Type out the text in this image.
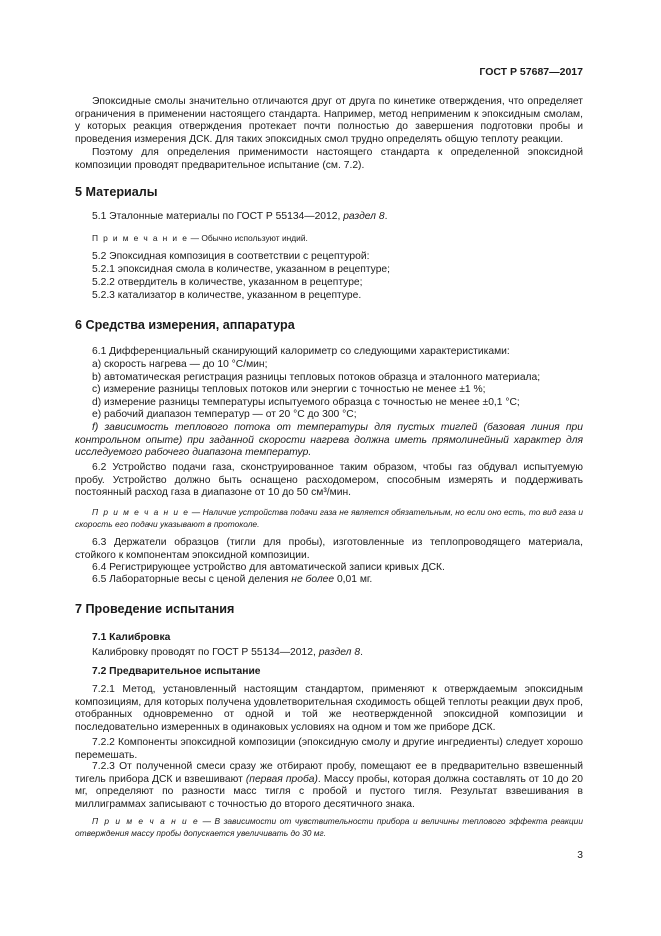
ГОСТ Р 57687—2017

Эпоксидные смолы значительно отличаются друг от друга по кинетике отверждения, что определяет ограничения в применении настоящего стандарта. Например, метод неприменим к эпоксидным смолам, у которых реакция отверждения протекает почти полностью до завершения подготовки пробы и проведения измерения ДСК. Для таких эпоксидных смол трудно определять общую теплоту реакции.

Поэтому для определения применимости настоящего стандарта к определенной эпоксидной композиции проводят предварительное испытание (см. 7.2).

5 Материалы

5.1 Эталонные материалы по ГОСТ Р 55134—2012, раздел 8.

П р и м е ч а н и е — Обычно используют индий.

5.2 Эпоксидная композиция в соответствии с рецептурой:

5.2.1 эпоксидная смола в количестве, указанном в рецептуре;

5.2.2 отвердитель в количестве, указанном в рецептуре;

5.2.3 катализатор в количестве, указанном в рецептуре.

6 Средства измерения, аппаратура

6.1 Дифференциальный сканирующий калориметр со следующими характеристиками:

a) скорость нагрева — до 10 °С/мин;

b) автоматическая регистрация разницы тепловых потоков образца и эталонного материала;

c) измерение разницы тепловых потоков или энергии с точностью не менее ±1 %;

d) измерение разницы температуры испытуемого образца с точностью не менее ±0,1 °С;

e) рабочий диапазон температур — от 20 °С до 300 °С;

f) зависимость теплового потока от температуры для пустых тиглей (базовая линия при контрольном опыте) при заданной скорости нагрева должна иметь прямолинейный характер для исследуемого рабочего диапазона температур.

6.2 Устройство подачи газа, сконструированное таким образом, чтобы газ обдувал испытуемую пробу. Устройство должно быть оснащено расходомером, способным измерять и поддерживать постоянный расход газа в диапазоне от 10 до 50 см³/мин.

П р и м е ч а н и е — Наличие устройства подачи газа не является обязательным, но если оно есть, то вид газа и скорость его подачи указывают в протоколе.

6.3 Держатели образцов (тигли для пробы), изготовленные из теплопроводящего материала, стойкого к компонентам эпоксидной композиции.

6.4 Регистрирующее устройство для автоматической записи кривых ДСК.

6.5 Лабораторные весы с ценой деления не более 0,01 мг.

7 Проведение испытания
7.1 Калибровка

Калибровку проводят по ГОСТ Р 55134—2012, раздел 8.

7.2 Предварительное испытание

7.2.1 Метод, установленный настоящим стандартом, применяют к отверждаемым эпоксидным композициям, для которых получена удовлетворительная сходимость общей теплоты реакции двух проб, отобранных одновременно от одной и той же неотвержденной эпоксидной композиции и последовательно измеренных в одинаковых условиях на одном и том же приборе ДСК.

7.2.2 Компоненты эпоксидной композиции (эпоксидную смолу и другие ингредиенты) следует хорошо перемешать.

7.2.3 От полученной смеси сразу же отбирают пробу, помещают ее в предварительно взвешенный тигель прибора ДСК и взвешивают (первая проба). Массу пробы, которая должна составлять от 10 до 20 мг, определяют по разности масс тигля с пробой и пустого тигля. Результат взвешивания в миллиграммах записывают с точностью до второго десятичного знака.

П р и м е ч а н и е — В зависимости от чувствительности прибора и величины теплового эффекта реакции отверждения массу пробы допускается увеличивать до 30 мг.

3
